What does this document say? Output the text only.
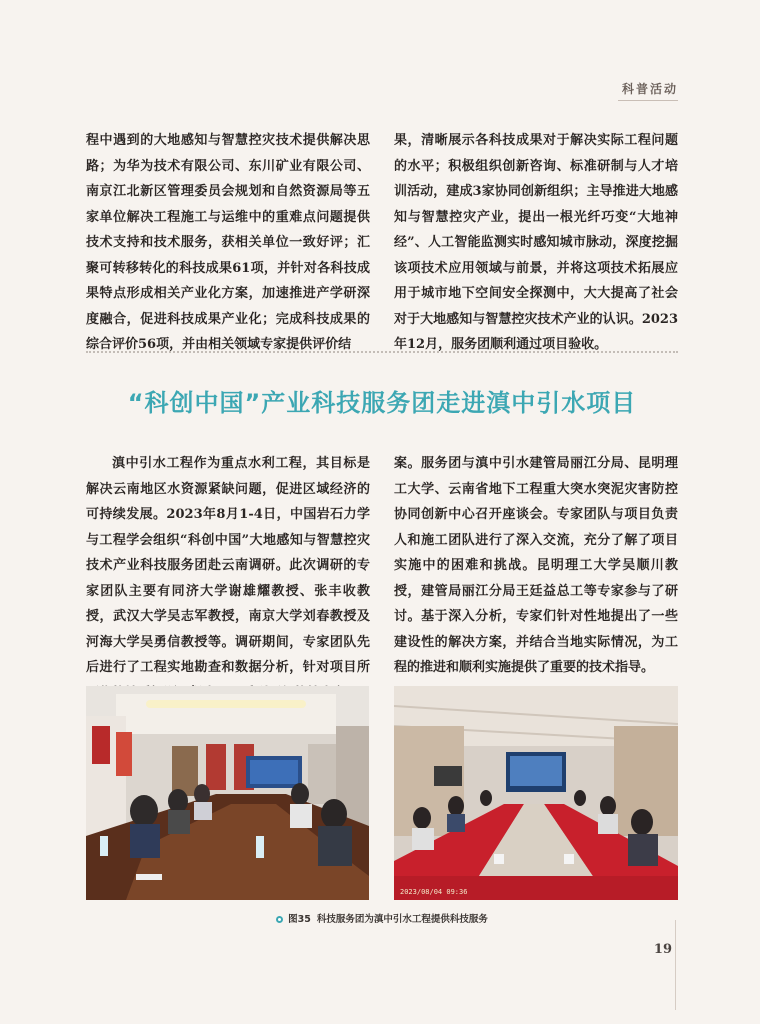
科普活动

程中遇到的大地感知与智慧控灾技术提供解决思路；为华为技术有限公司、东川矿业有限公司、南京江北新区管理委员会规划和自然资源局等五家单位解决工程施工与运维中的重难点问题提供技术支持和技术服务，获相关单位一致好评；汇聚可转移转化的科技成果61项，并针对各科技成果特点形成相关产业化方案，加速推进产学研深度融合，促进科技成果产业化；完成科技成果的综合评价56项，并由相关领域专家提供评价结

果，清晰展示各科技成果对于解决实际工程问题的水平；积极组织创新咨询、标准研制与人才培训活动，建成3家协同创新组织；主导推进大地感知与智慧控灾产业，提出一根光纤巧变“大地神经”、人工智能监测实时感知城市脉动，深度挖掘该项技术应用领域与前景，并将这项技术拓展应用于城市地下空间安全探测中，大大提高了社会对于大地感知与智慧控灾技术产业的认识。2023年12月，服务团顺利通过项目验收。

“科创中国”产业科技服务团走进滇中引水项目

滇中引水工程作为重点水利工程，其目标是解决云南地区水资源紧缺问题，促进区域经济的可持续发展。2023年8月1-4日，中国岩石力学与工程学会组织“科创中国”大地感知与智慧控灾技术产业科技服务团赴云南调研。此次调研的专家团队主要有同济大学谢雄耀教授、张丰收教授，武汉大学吴志军教授，南京大学刘春教授及河海大学吴勇信教授等。调研期间，专家团队先后进行了工程实地勘查和数据分析，针对项目所

案。服务团与滇中引水建管局丽江分局、昆明理工大学、云南省地下工程重大突水突泥灾害防控协同创新中心召开座谈会。专家团队与项目负责人和施工团队进行了深入交流，充分了解了项目实施中的困难和挑战。昆明理工大学吴顺川教授，建管局丽江分局王廷益总工等专家参与了研讨。基于深入分析，专家们针对性地提出了一些建设性的解决方案，并结合当地实际情况，为工程的推进和顺利实施提供了重要的技术指导。

2023/08/04 09:36
图35 科技服务团为滇中引水工程提供科技服务
19
